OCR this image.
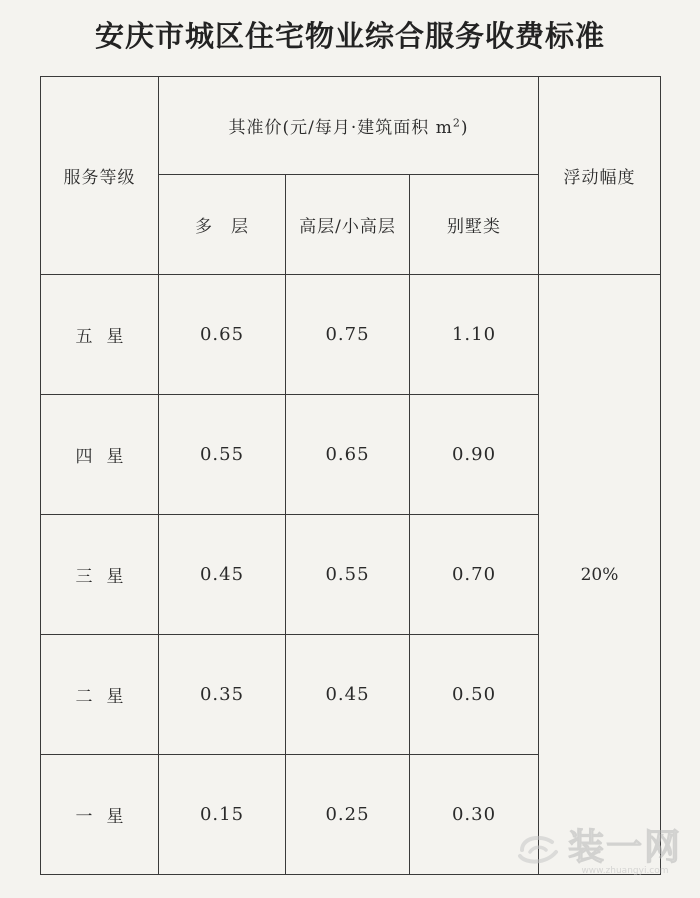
安庆市城区住宅物业综合服务收费标准
服务等级	其准价(元/每月·建筑面积 $m^2$)			浮动幅度
	多　层	高层/小高层	别墅类	
五星	0.65	0.75	1.10	20%
四星	0.55	0.65	0.90	
三星	0.45	0.55	0.70	
二星	0.35	0.45	0.50	
一星	0.15	0.25	0.30	
装一网
www.zhuangyi.com
